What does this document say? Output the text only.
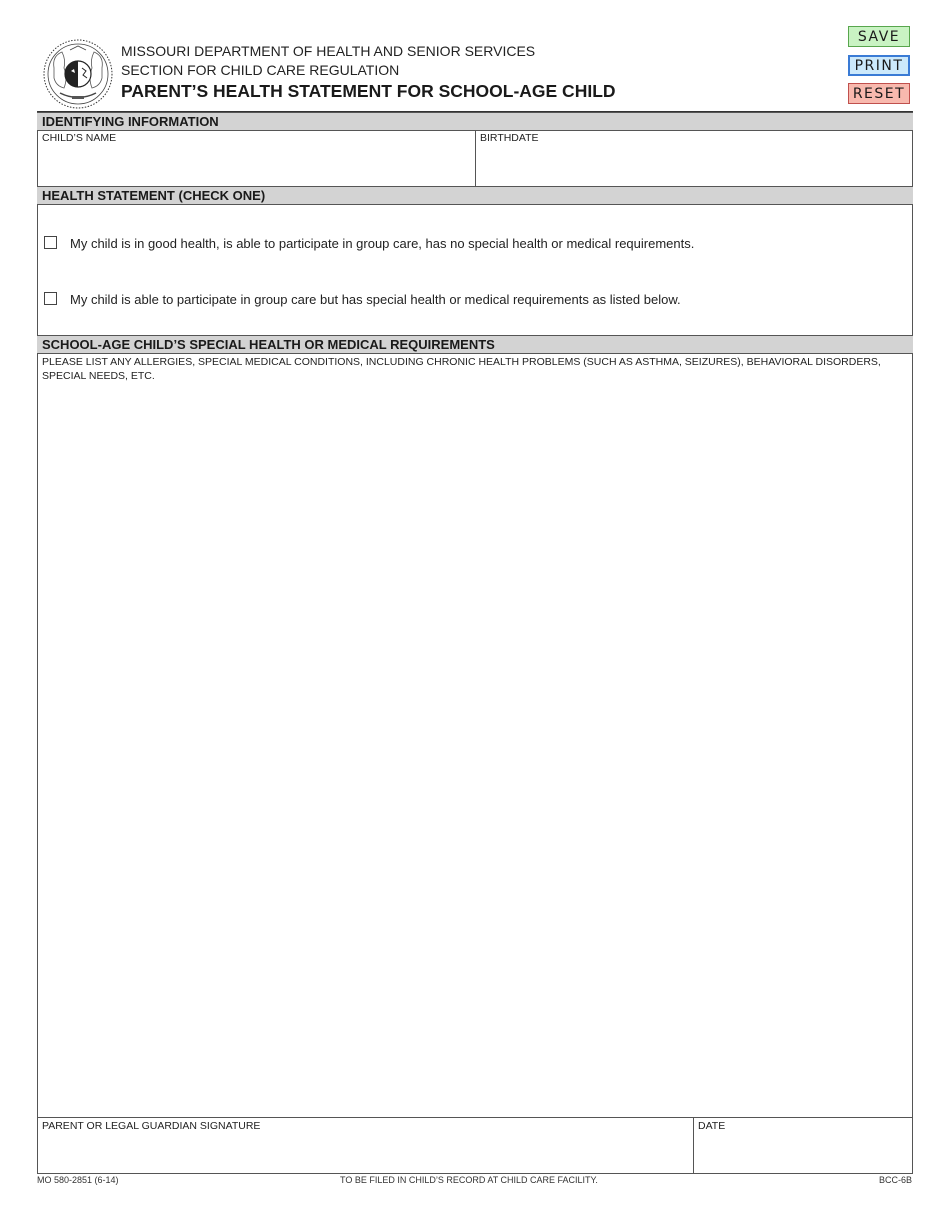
MISSOURI DEPARTMENT OF HEALTH AND SENIOR SERVICES
SECTION FOR CHILD CARE REGULATION
PARENT’S HEALTH STATEMENT FOR SCHOOL-AGE CHILD
SAVE
PRINT
RESET
IDENTIFYING INFORMATION
CHILD’S NAME	BIRTHDATE
HEALTH STATEMENT (CHECK ONE)
My child is in good health, is able to participate in group care, has no special health or medical requirements.
My child is able to participate in group care but has special health or medical requirements as listed below.
SCHOOL-AGE CHILD’S SPECIAL HEALTH OR MEDICAL REQUIREMENTS
PLEASE LIST ANY ALLERGIES, SPECIAL MEDICAL CONDITIONS, INCLUDING CHRONIC HEALTH PROBLEMS (SUCH AS ASTHMA, SEIZURES), BEHAVIORAL DISORDERS, SPECIAL NEEDS, ETC.
PARENT OR LEGAL GUARDIAN SIGNATURE	DATE
MO 580-2851 (6-14)	TO BE FILED IN CHILD’S RECORD AT CHILD CARE FACILITY.	BCC-6B
